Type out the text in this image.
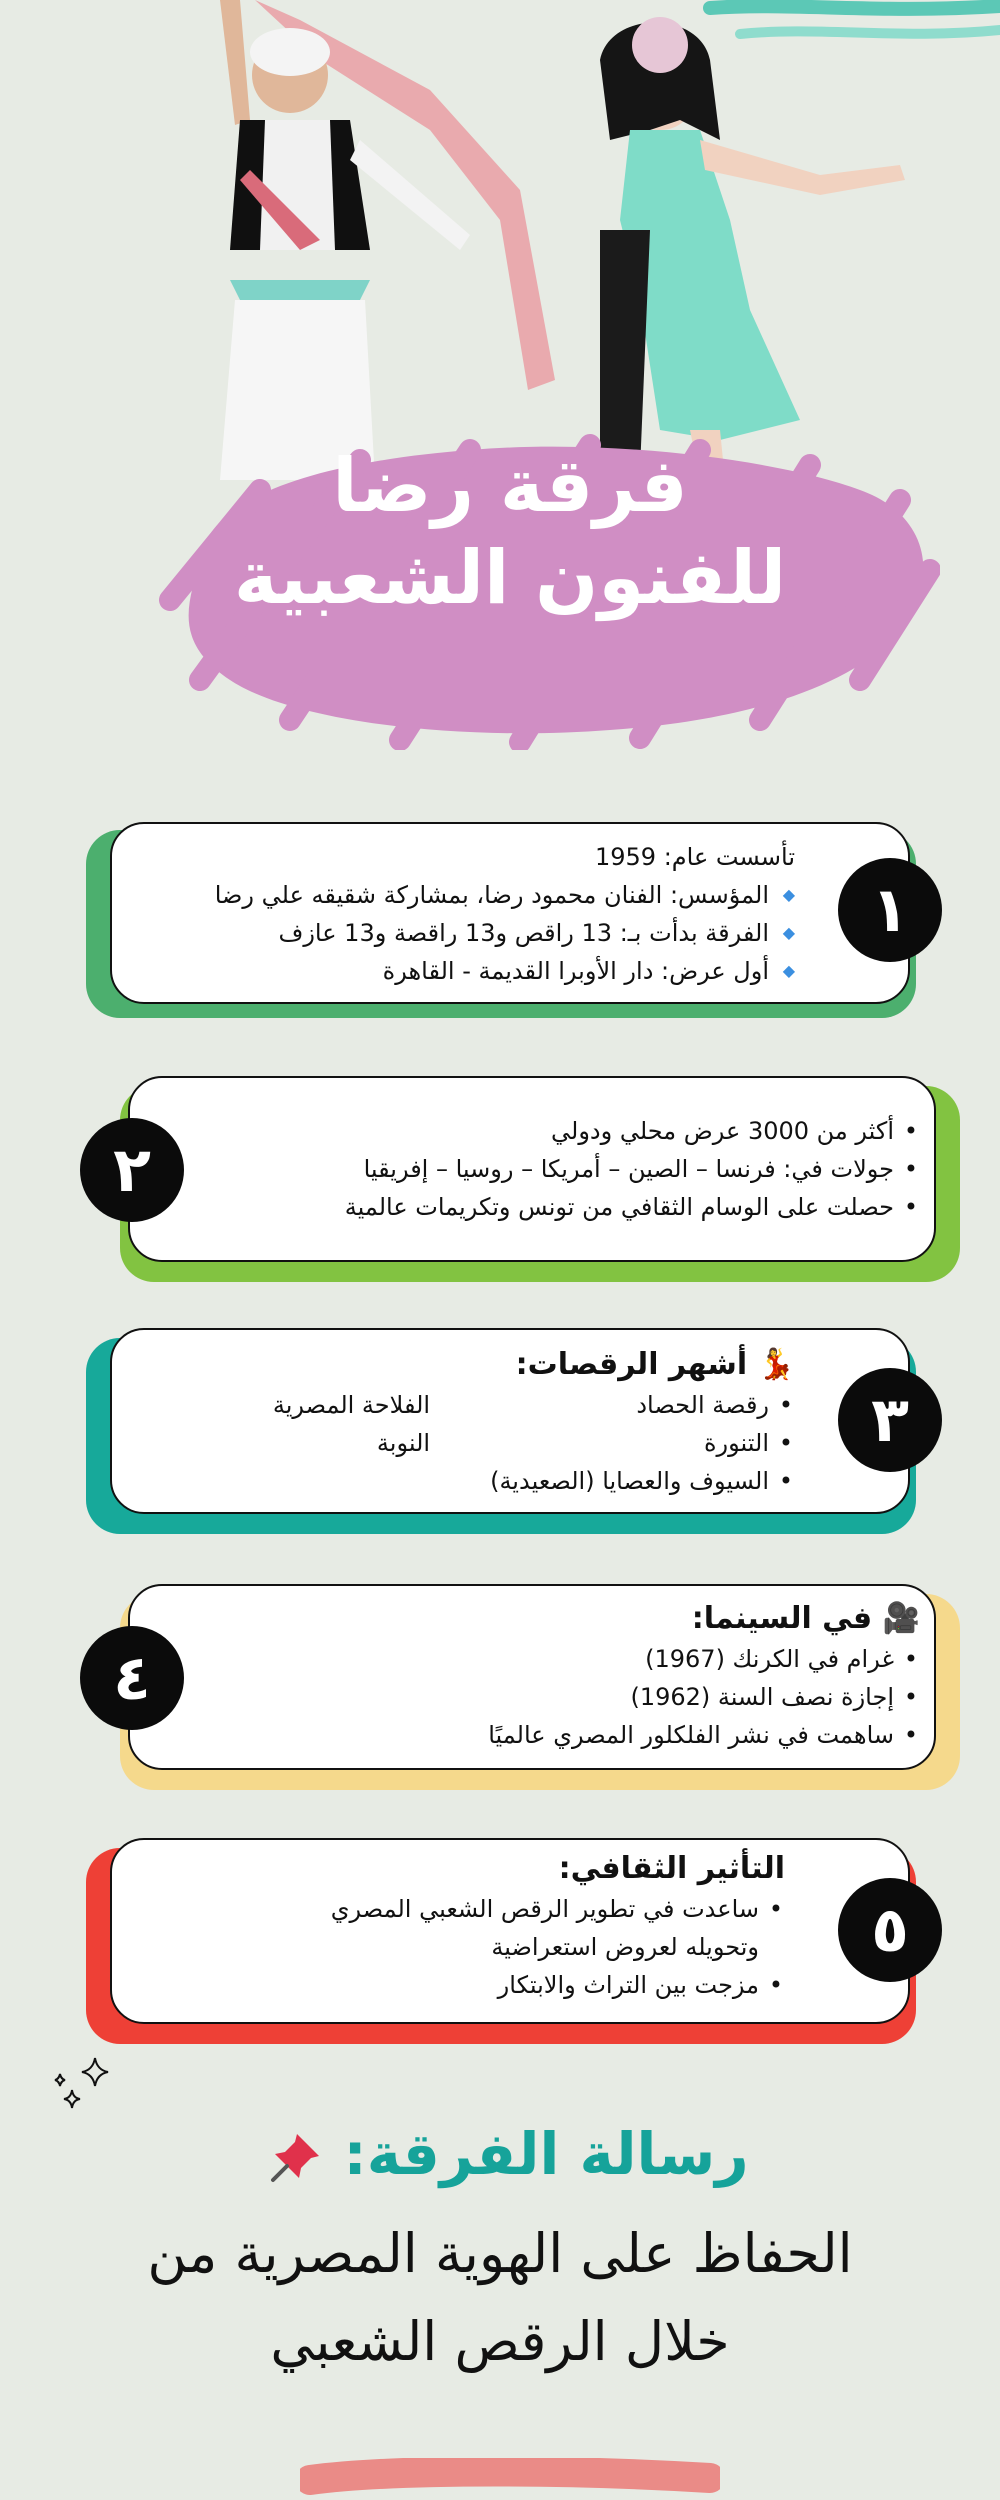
فرقة رضا للفنون الشعبية
١
تأسست عام: 1959
◆ المؤسس: الفنان محمود رضا، بمشاركة شقيقه علي رضا
◆ الفرقة بدأت بـ: 13 راقص و13 راقصة و13 عازف
◆ أول عرض: دار الأوبرا القديمة - القاهرة
٢
• أكثر من 3000 عرض محلي ودولي
• جولات في: فرنسا – الصين – أمريكا – روسيا – إفريقيا
• حصلت على الوسام الثقافي من تونس وتكريمات عالمية
٣
💃 أشهر الرقصات:
• رقصة الحصاد
• التنورة
• السيوف والعصايا (الصعيدية)
الفلاحة المصرية
النوبة
٤
🎥 في السينما:
• غرام في الكرنك (1967)
• إجازة نصف السنة (1962)
• ساهمت في نشر الفلكلور المصري عالميًا
٥
التأثير الثقافي:
• ساعدت في تطوير الرقص الشعبي المصري
وتحويله لعروض استعراضية
• مزجت بين التراث والابتكار
رسالة الفرقة:
الحفاظ على الهوية المصرية من
خلال الرقص الشعبي
